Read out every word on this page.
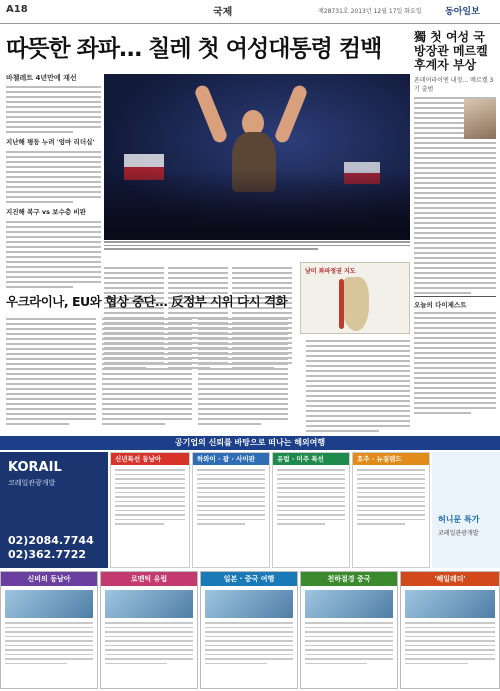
A18	국제	제28731호 2013년 12월 17일 화요일	동아일보
따뜻한 좌파… 칠레 첫 여성대통령 컴백
바첼레트 4년만에 재선
지난해 평등 누려 '엄마 리더십'
지진해 복구 vs 보수층 비판
남미 좌파정권 지도
獨 첫 여성 국방장관 메르켈 후계자 부상
폰데어라이엔 내정… 메르켈 3기 출범
우크라이나, EU와 협상 중단… 反정부 시위 다시 격화	오늘의 다이제스트
공기업의 신뢰를 바탕으로 떠나는 해외여행
KORAIL
코레일관광개발
02)2084.7744
02)362.7722
신년특선 동남아	하와이 · 괌 · 사이판	유럽 · 미주 특선	호주 · 뉴질랜드
허니문 특가
코레일관광개발
신비의 동남아	로맨틱 유럽	일본 · 중국 여행	천하절경 중국	'해일레더'
